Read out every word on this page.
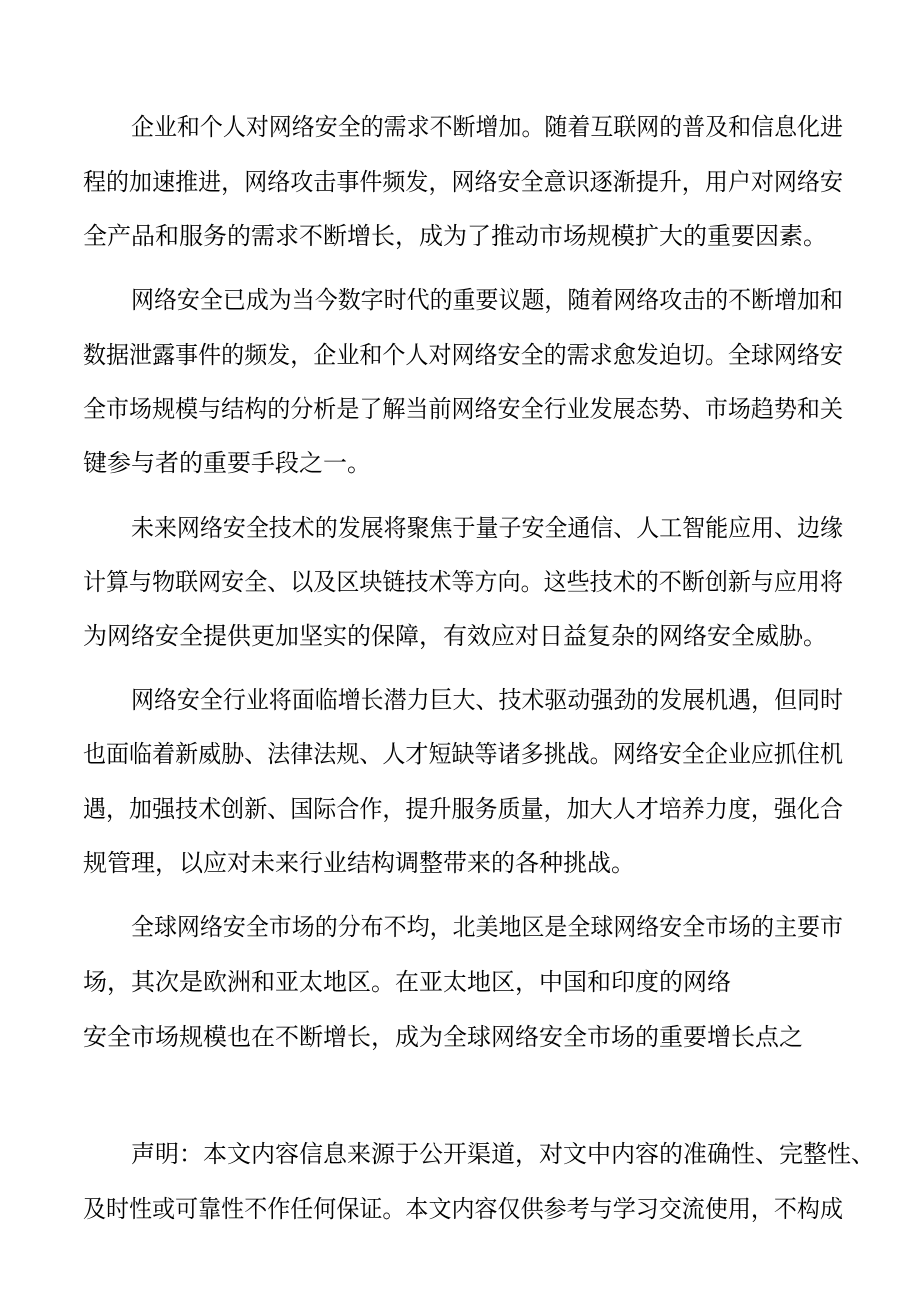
企业和个人对网络安全的需求不断增加。随着互联网的普及和信息化进
程的加速推进，网络攻击事件频发，网络安全意识逐渐提升，用户对网络安
全产品和服务的需求不断增长，成为了推动市场规模扩大的重要因素。
网络安全已成为当今数字时代的重要议题，随着网络攻击的不断增加和
数据泄露事件的频发，企业和个人对网络安全的需求愈发迫切。全球网络安
全市场规模与结构的分析是了解当前网络安全行业发展态势、市场趋势和关
键参与者的重要手段之一。
未来网络安全技术的发展将聚焦于量子安全通信、人工智能应用、边缘
计算与物联网安全、以及区块链技术等方向。这些技术的不断创新与应用将
为网络安全提供更加坚实的保障，有效应对日益复杂的网络安全威胁。
网络安全行业将面临增长潜力巨大、技术驱动强劲的发展机遇，但同时
也面临着新威胁、法律法规、人才短缺等诸多挑战。网络安全企业应抓住机
遇，加强技术创新、国际合作，提升服务质量，加大人才培养力度，强化合
规管理，以应对未来行业结构调整带来的各种挑战。
全球网络安全市场的分布不均，北美地区是全球网络安全市场的主要市
场，其次是欧洲和亚太地区。在亚太地区，中国和印度的网络
安全市场规模也在不断增长，成为全球网络安全市场的重要增长点之
声明：本文内容信息来源于公开渠道，对文中内容的准确性、完整性、
及时性或可靠性不作任何保证。本文内容仅供参考与学习交流使用，不构成
